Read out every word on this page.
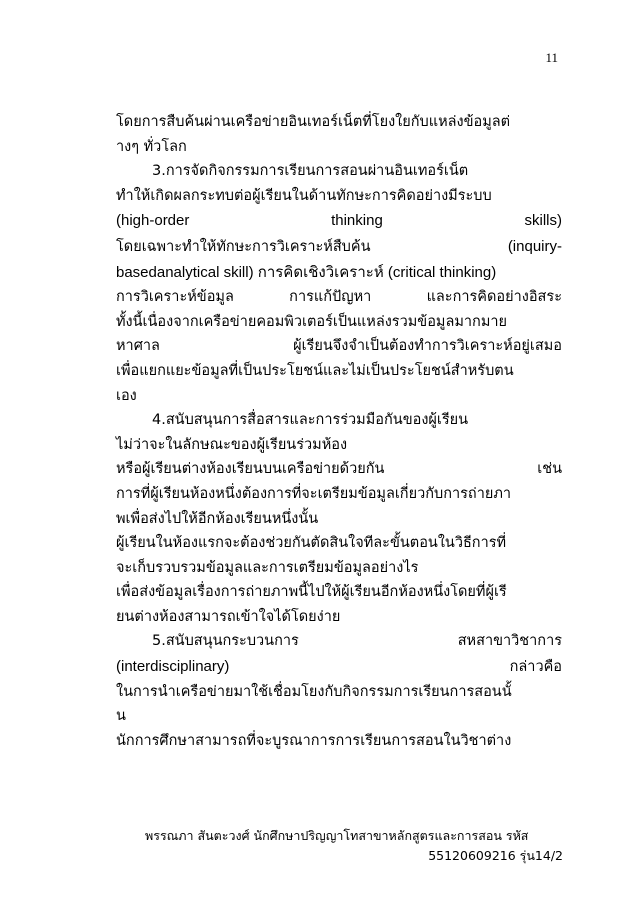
11
โดยการสืบค้นผ่านเครือข่ายอินเทอร์เน็ตที่โยงใยกับแหล่งข้อมูลต่
างๆ ทั่วโลก
3.การจัดกิจกรรมการเรียนการสอนผ่านอินเทอร์เน็ต
ทำให้เกิดผลกระทบต่อผู้เรียนในด้านทักษะการคิดอย่างมีระบบ
(high-order	thinking	skills)
โดยเฉพาะทำให้ทักษะการวิเคราะห์สืบค้น	(inquiry-
basedanalytical skill) การคิดเชิงวิเคราะห์ (critical thinking)
การวิเคราะห์ข้อมูล	การแก้ปัญหา	และการคิดอย่างอิสระ
ทั้งนี้เนื่องจากเครือข่ายคอมพิวเตอร์เป็นแหล่งรวมข้อมูลมากมาย
หาศาล	ผู้เรียนจึงจำเป็นต้องทำการวิเคราะห์อยู่เสมอ
เพื่อแยกแยะข้อมูลที่เป็นประโยชน์และไม่เป็นประโยชน์สำหรับตน
เอง
4.สนับสนุนการสื่อสารและการร่วมมือกันของผู้เรียน
ไม่ว่าจะในลักษณะของผู้เรียนร่วมห้อง
หรือผู้เรียนต่างห้องเรียนบนเครือข่ายด้วยกัน	เช่น
การที่ผู้เรียนห้องหนึ่งต้องการที่จะเตรียมข้อมูลเกี่ยวกับการถ่ายภา
พเพื่อส่งไปให้อีกห้องเรียนหนึ่งนั้น
ผู้เรียนในห้องแรกจะต้องช่วยกันตัดสินใจทีละขั้นตอนในวิธีการที่
จะเก็บรวบรวมข้อมูลและการเตรียมข้อมูลอย่างไร
เพื่อส่งข้อมูลเรื่องการถ่ายภาพนี้ไปให้ผู้เรียนอีกห้องหนึ่งโดยที่ผู้เรี
ยนต่างห้องสามารถเข้าใจได้โดยง่าย
5.สนับสนุนกระบวนการ	สหสาขาวิชาการ
(interdisciplinary)	กล่าวคือ
ในการนำเครือข่ายมาใช้เชื่อมโยงกับกิจกรรมการเรียนการสอนนั้
น
นักการศึกษาสามารถที่จะบูรณาการการเรียนการสอนในวิชาต่าง
พรรณภา สันตะวงศ์ นักศึกษาปริญญาโทสาขาหลักสูตรและการสอน รหัส
55120609216 รุ่น14/2
